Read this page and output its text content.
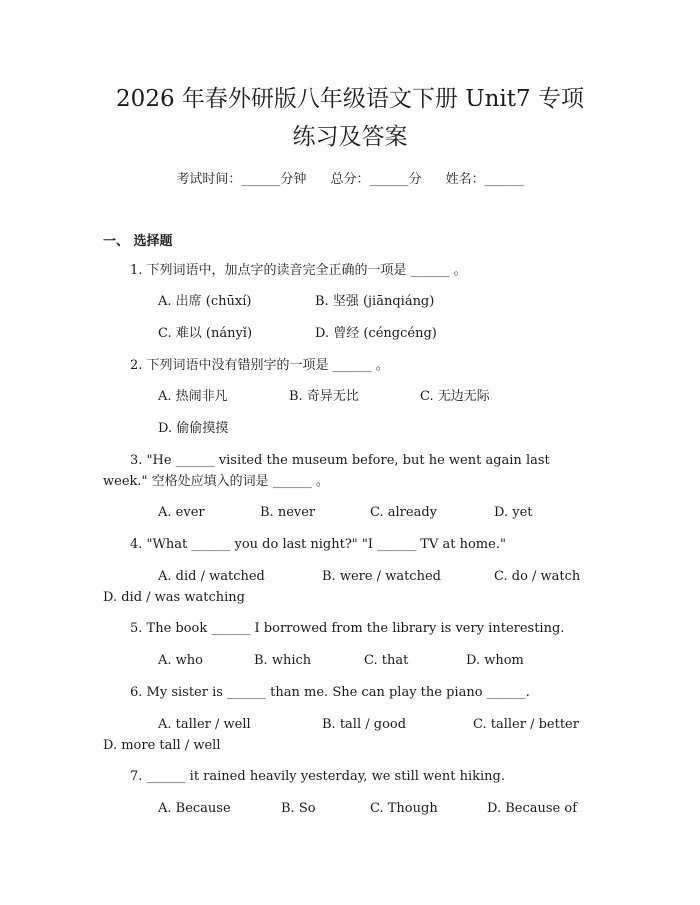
2026 年春外研版八年级语文下册 Unit7 专项
练习及答案
考试时间：______分钟 总分：______分 姓名：______
一、 选择题
1. 下列词语中，加点字的读音完全正确的一项是 ______ 。
A. 出席 (chūxí)	B. 坚强 (jiānqiáng)
C. 难以 (nányǐ)	D. 曾经 (céngcéng)
2. 下列词语中没有错别字的一项是 ______ 。
A. 热闹非凡	B. 奇异无比	C. 无边无际
D. 偷偷摸摸
3. "He ______ visited the museum before, but he went again last
week." 空格处应填入的词是 ______ 。
A. ever	B. never	C. already	D. yet
4. "What ______ you do last night?" "I ______ TV at home."
A. did / watched	B. were / watched	C. do / watch
D. did / was watching
5. The book ______ I borrowed from the library is very interesting.
A. who	B. which	C. that	D. whom
6. My sister is ______ than me. She can play the piano ______.
A. taller / well	B. tall / good	C. taller / better
D. more tall / well
7. ______ it rained heavily yesterday, we still went hiking.
A. Because	B. So	C. Though	D. Because of
